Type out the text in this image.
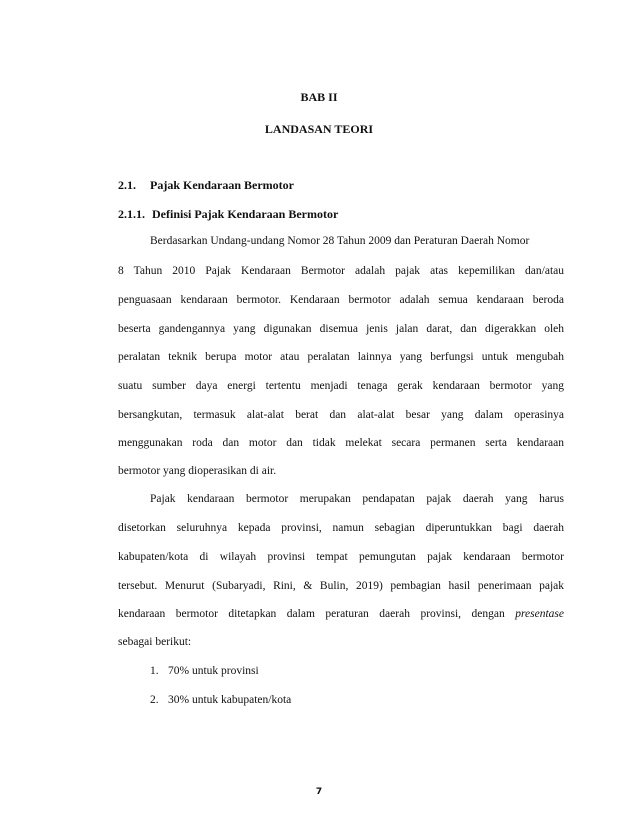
BAB II
LANDASAN TEORI
2.1. Pajak Kendaraan Bermotor
2.1.1. Definisi Pajak Kendaraan Bermotor
Berdasarkan Undang-undang Nomor 28 Tahun 2009 dan Peraturan Daerah Nomor
8 Tahun 2010 Pajak Kendaraan Bermotor adalah pajak atas kepemilikan dan/atau
penguasaan kendaraan bermotor. Kendaraan bermotor adalah semua kendaraan beroda
beserta gandengannya yang digunakan disemua jenis jalan darat, dan digerakkan oleh
peralatan teknik berupa motor atau peralatan lainnya yang berfungsi untuk mengubah
suatu sumber daya energi tertentu menjadi tenaga gerak kendaraan bermotor yang
bersangkutan, termasuk alat-alat berat dan alat-alat besar yang dalam operasinya
menggunakan roda dan motor dan tidak melekat secara permanen serta kendaraan
bermotor yang dioperasikan di air.
Pajak kendaraan bermotor merupakan pendapatan pajak daerah yang harus
disetorkan seluruhnya kepada provinsi, namun sebagian diperuntukkan bagi daerah
kabupaten/kota di wilayah provinsi tempat pemungutan pajak kendaraan bermotor
tersebut. Menurut (Subaryadi, Rini, & Bulin, 2019) pembagian hasil penerimaan pajak
kendaraan bermotor ditetapkan dalam peraturan daerah provinsi, dengan presentase
sebagai berikut:
1. 70% untuk provinsi
2. 30% untuk kabupaten/kota
7
